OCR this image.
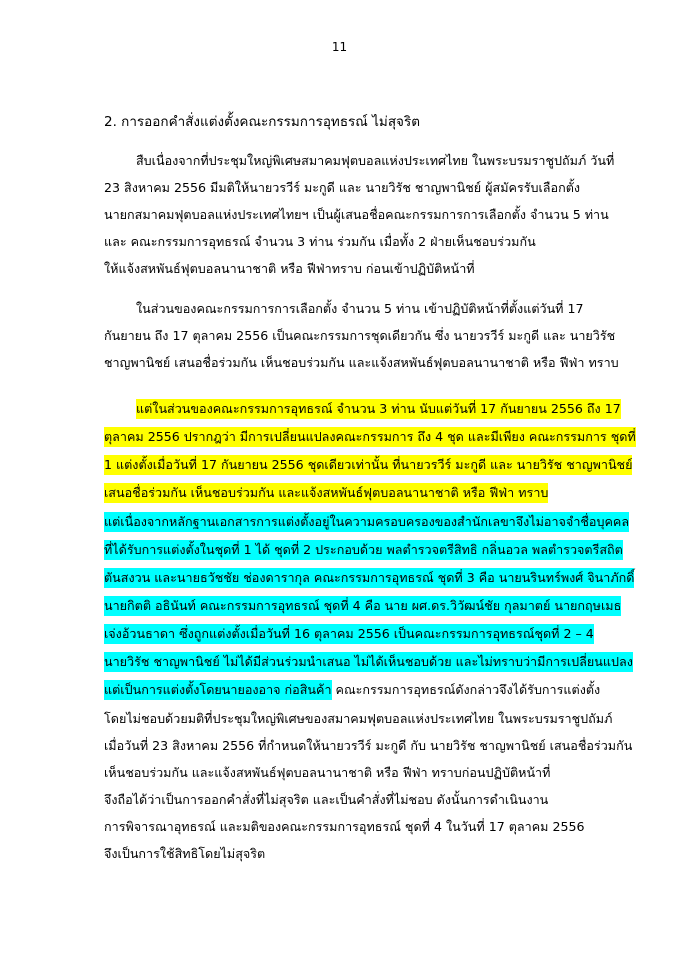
11
2. การออกคำสั่งแต่งตั้งคณะกรรมการอุทธรณ์ ไม่สุจริต
สืบเนื่องจากที่ประชุมใหญ่พิเศษสมาคมฟุตบอลแห่งประเทศไทย ในพระบรมราชูปถัมภ์ วันที่
23 สิงหาคม 2556 มีมติให้นายวรวีร์ มะกูดี และ นายวิรัช ชาญพานิชย์ ผู้สมัครรับเลือกตั้ง
นายกสมาคมฟุตบอลแห่งประเทศไทยฯ เป็นผู้เสนอชื่อคณะกรรมการการเลือกตั้ง จำนวน 5 ท่าน
และ คณะกรรมการอุทธรณ์ จำนวน 3 ท่าน ร่วมกัน เมื่อทั้ง 2 ฝ่ายเห็นชอบร่วมกัน
ให้แจ้งสหพันธ์ฟุตบอลนานาชาติ หรือ ฟีฟ่าทราบ ก่อนเข้าปฏิบัติหน้าที่
ในส่วนของคณะกรรมการการเลือกตั้ง จำนวน 5 ท่าน เข้าปฏิบัติหน้าที่ตั้งแต่วันที่ 17
กันยายน ถึง 17 ตุลาคม 2556 เป็นคณะกรรมการชุดเดียวกัน ซึ่ง นายวรวีร์ มะกูดี และ นายวิรัช
ชาญพานิชย์ เสนอชื่อร่วมกัน เห็นชอบร่วมกัน และแจ้งสหพันธ์ฟุตบอลนานาชาติ หรือ ฟีฟ่า ทราบ
แต่ในส่วนของคณะกรรมการอุทธรณ์ จำนวน 3 ท่าน นับแต่วันที่ 17 กันยายน 2556 ถึง 17
ตุลาคม 2556 ปรากฎว่า มีการเปลี่ยนแปลงคณะกรรมการ ถึง 4 ชุด และมีเพียง คณะกรรมการ ชุดที่
1 แต่งตั้งเมื่อวันที่ 17 กันยายน 2556 ชุดเดียวเท่านั้น ที่นายวรวีร์ มะกูดี และ นายวิรัช ชาญพานิชย์
เสนอชื่อร่วมกัน เห็นชอบร่วมกัน และแจ้งสหพันธ์ฟุตบอลนานาชาติ หรือ ฟีฟ่า ทราบ
แต่เนื่องจากหลักฐานเอกสารการแต่งตั้งอยู่ในความครอบครองของสำนักเลขาจึงไม่อาจจำชื่อบุคคล
ที่ได้รับการแต่งตั้งในชุดที่ 1 ได้ ชุดที่ 2 ประกอบด้วย พลตำรวจตรีสิทธิ กลิ่นอวล พลตำรวจตรีสถิต
ตันสงวน และนายธวัชชัย ช่องดารากุล คณะกรรมการอุทธรณ์ ชุดที่ 3 คือ นายนรินทร์พงศ์ จินาภักดิ์
นายกิตติ อธินันท์ คณะกรรมการอุทธรณ์ ชุดที่ 4 คือ นาย ผศ.ดร.วิวัฒน์ชัย กุลมาตย์ นายกฤษเมธ
เจ่งอ้วนธาดา ซึ่งถูกแต่งตั้งเมื่อวันที่ 16 ตุลาคม 2556 เป็นคณะกรรมการอุทธรณ์ชุดที่ 2 – 4
นายวิรัช ชาญพานิชย์ ไม่ได้มีส่วนร่วมนำเสนอ ไม่ได้เห็นชอบด้วย และไม่ทราบว่ามีการเปลี่ยนแปลง
แต่เป็นการแต่งตั้งโดยนายองอาจ ก่อสินค้า คณะกรรมการอุทธรณ์ดังกล่าวจึงได้รับการแต่งตั้ง
โดยไม่ชอบด้วยมติที่ประชุมใหญ่พิเศษของสมาคมฟุตบอลแห่งประเทศไทย ในพระบรมราชูปถัมภ์
เมื่อวันที่ 23 สิงหาคม 2556 ที่กำหนดให้นายวรวีร์ มะกูดี กับ นายวิรัช ชาญพานิชย์ เสนอชื่อร่วมกัน
เห็นชอบร่วมกัน และแจ้งสหพันธ์ฟุตบอลนานาชาติ หรือ ฟีฟ่า ทราบก่อนปฏิบัติหน้าที่
จึงถือได้ว่าเป็นการออกคำสั่งที่ไม่สุจริต และเป็นคำสั่งที่ไม่ชอบ ดังนั้นการดำเนินงาน
การพิจารณาอุทธรณ์ และมติของคณะกรรมการอุทธรณ์ ชุดที่ 4 ในวันที่ 17 ตุลาคม 2556
จึงเป็นการใช้สิทธิโดยไม่สุจริต
